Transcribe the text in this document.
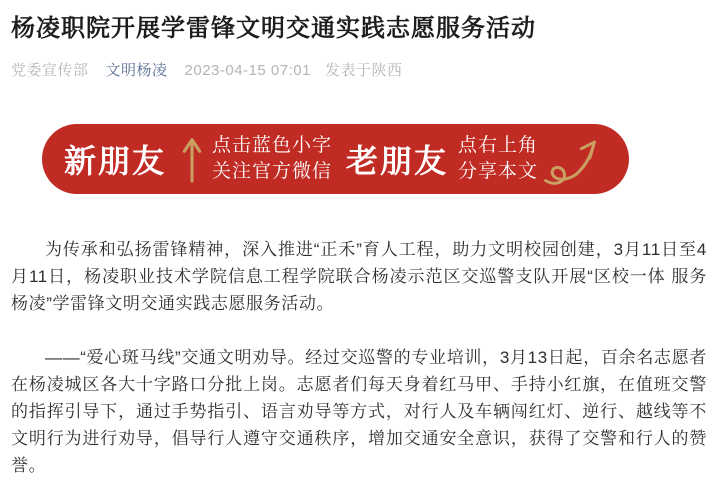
杨凌职院开展学雷锋文明交通实践志愿服务活动
党委宣传部 文明杨凌 2023-04-15 07:01 发表于陕西
新朋友 点击蓝色小字
关注官方微信 老朋友 点右上角
分享本文

为传承和弘扬雷锋精神，深入推进“正禾”育人工程，助力文明校园创建，3月11日至4月11日，杨凌职业技术学院信息工程学院联合杨凌示范区交巡警支队开展“区校一体 服务杨凌”学雷锋文明交通实践志愿服务活动。

——“爱心斑马线”交通文明劝导。经过交巡警的专业培训，3月13日起，百余名志愿者在杨凌城区各大十字路口分批上岗。志愿者们每天身着红马甲、手持小红旗，在值班交警的指挥引导下，通过手势指引、语言劝导等方式，对行人及车辆闯红灯、逆行、越线等不文明行为进行劝导，倡导行人遵守交通秩序，增加交通安全意识，获得了交警和行人的赞誉。
